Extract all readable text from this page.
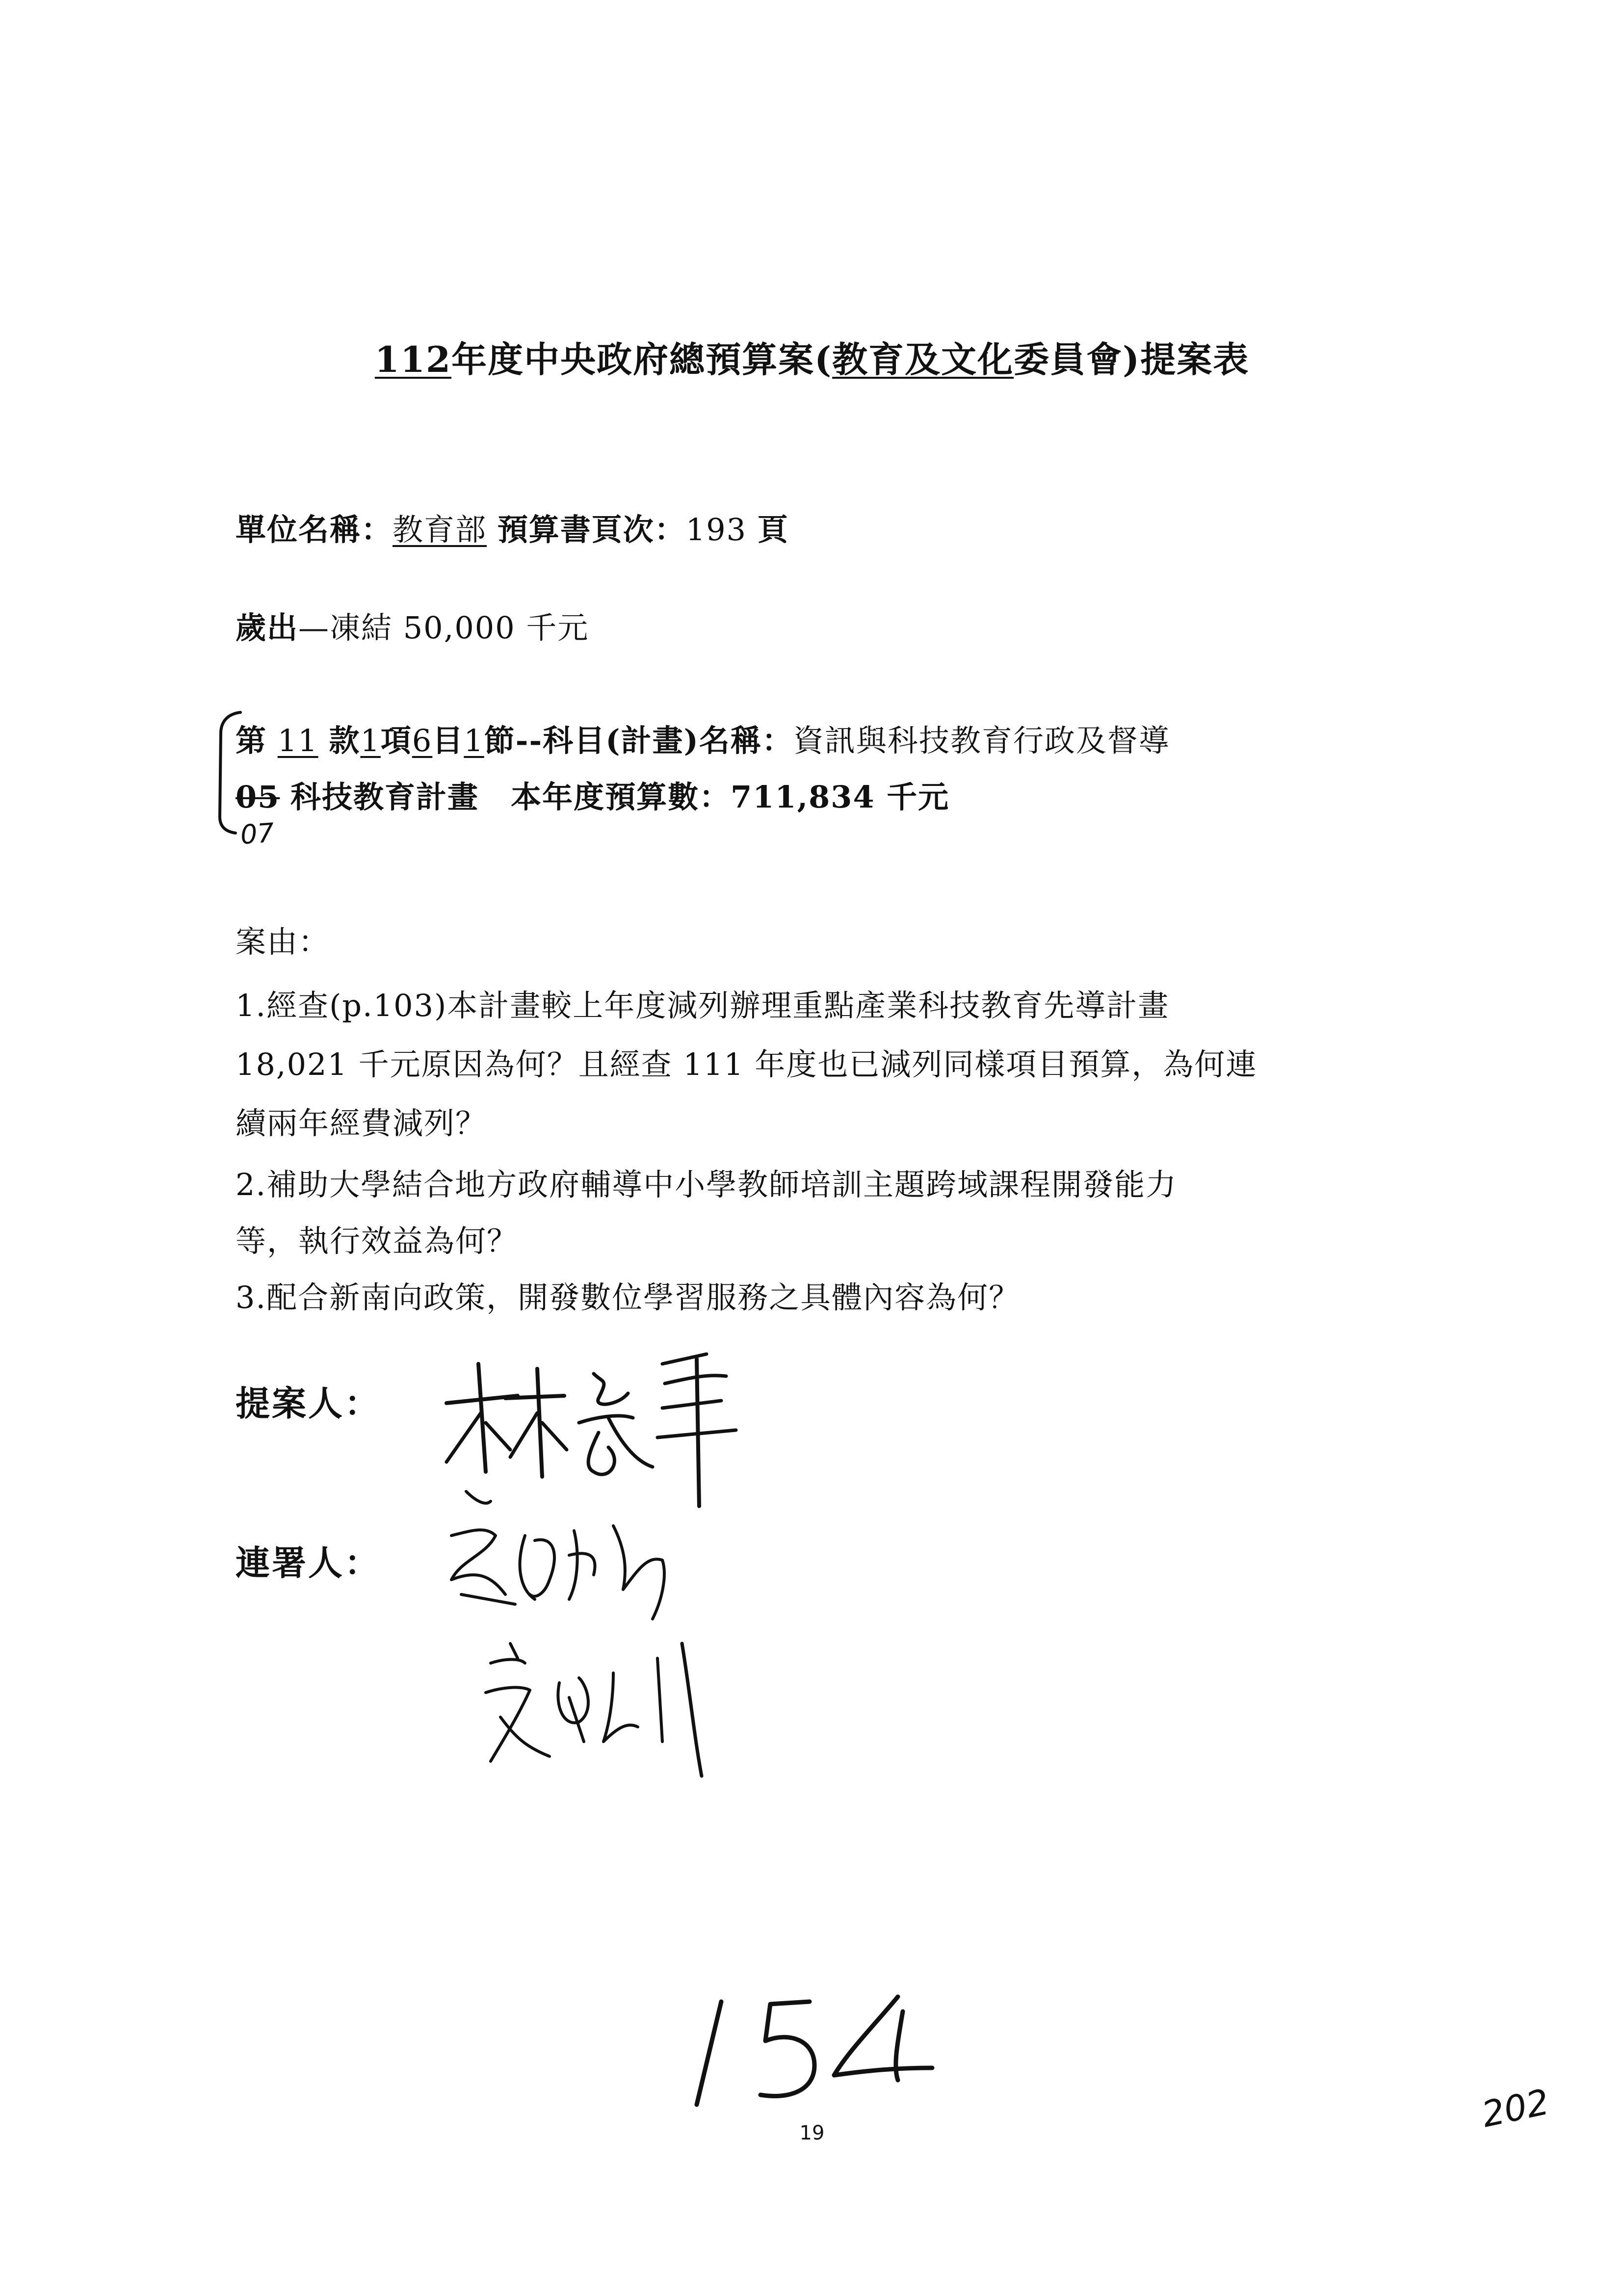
112年度中央政府總預算案(教育及文化委員會)提案表
單位名稱：教育部 預算書頁次：193 頁
歲出—凍結 50,000 千元
第 11 款1項6目1節--科目(計畫)名稱：資訊與科技教育行政及督導
05 科技教育計畫 本年度預算數：711,834 千元
07
案由：
1.經查(p.103)本計畫較上年度減列辦理重點產業科技教育先導計畫
18,021 千元原因為何？且經查 111 年度也已減列同樣項目預算，為何連
續兩年經費減列？
2.補助大學結合地方政府輔導中小學教師培訓主題跨域課程開發能力
等，執行效益為何？
3.配合新南向政策，開發數位學習服務之具體內容為何？
提案人：
連署人：
19	202
